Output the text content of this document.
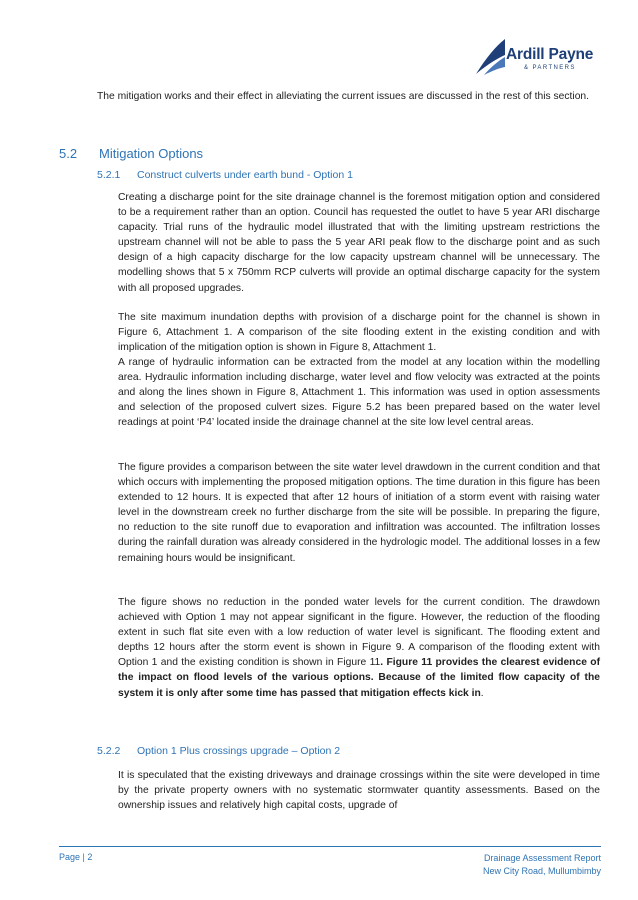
Ardill Payne
& PARTNERS

The mitigation works and their effect in alleviating the current issues are discussed in the rest of this section.

5.2 Mitigation Options
5.2.1 Construct culverts under earth bund - Option 1

Creating a discharge point for the site drainage channel is the foremost mitigation option and considered to be a requirement rather than an option. Council has requested the outlet to have 5 year ARI discharge capacity. Trial runs of the hydraulic model illustrated that with the limiting upstream restrictions the upstream channel will not be able to pass the 5 year ARI peak flow to the discharge point and as such design of a high capacity discharge for the low capacity upstream channel will be unnecessary. The modelling shows that 5 x 750mm RCP culverts will provide an optimal discharge capacity for the system with all proposed upgrades.

The site maximum inundation depths with provision of a discharge point for the channel is shown in Figure 6, Attachment 1. A comparison of the site flooding extent in the existing condition and with implication of the mitigation option is shown in Figure 8, Attachment 1.

A range of hydraulic information can be extracted from the model at any location within the modelling area. Hydraulic information including discharge, water level and flow velocity was extracted at the points and along the lines shown in Figure 8, Attachment 1. This information was used in option assessments and selection of the proposed culvert sizes. Figure 5.2 has been prepared based on the water level readings at point ‘P4’ located inside the drainage channel at the site low level central areas.

The figure provides a comparison between the site water level drawdown in the current condition and that which occurs with implementing the proposed mitigation options. The time duration in this figure has been extended to 12 hours. It is expected that after 12 hours of initiation of a storm event with raising water level in the downstream creek no further discharge from the site will be possible. In preparing the figure, no reduction to the site runoff due to evaporation and infiltration was accounted. The infiltration losses during the rainfall duration was already considered in the hydrologic model. The additional losses in a few remaining hours would be insignificant.

The figure shows no reduction in the ponded water levels for the current condition. The drawdown achieved with Option 1 may not appear significant in the figure. However, the reduction of the flooding extent in such flat site even with a low reduction of water level is significant. The flooding extent and depths 12 hours after the storm event is shown in Figure 9. A comparison of the flooding extent with Option 1 and the existing condition is shown in Figure 11. Figure 11 provides the clearest evidence of the impact on flood levels of the various options. Because of the limited flow capacity of the system it is only after some time has passed that mitigation effects kick in.

5.2.2 Option 1 Plus crossings upgrade – Option 2

It is speculated that the existing driveways and drainage crossings within the site were developed in time by the private property owners with no systematic stormwater quantity assessments. Based on the ownership issues and relatively high capital costs, upgrade of

Page | 2	Drainage Assessment Report
New City Road, Mullumbimby
